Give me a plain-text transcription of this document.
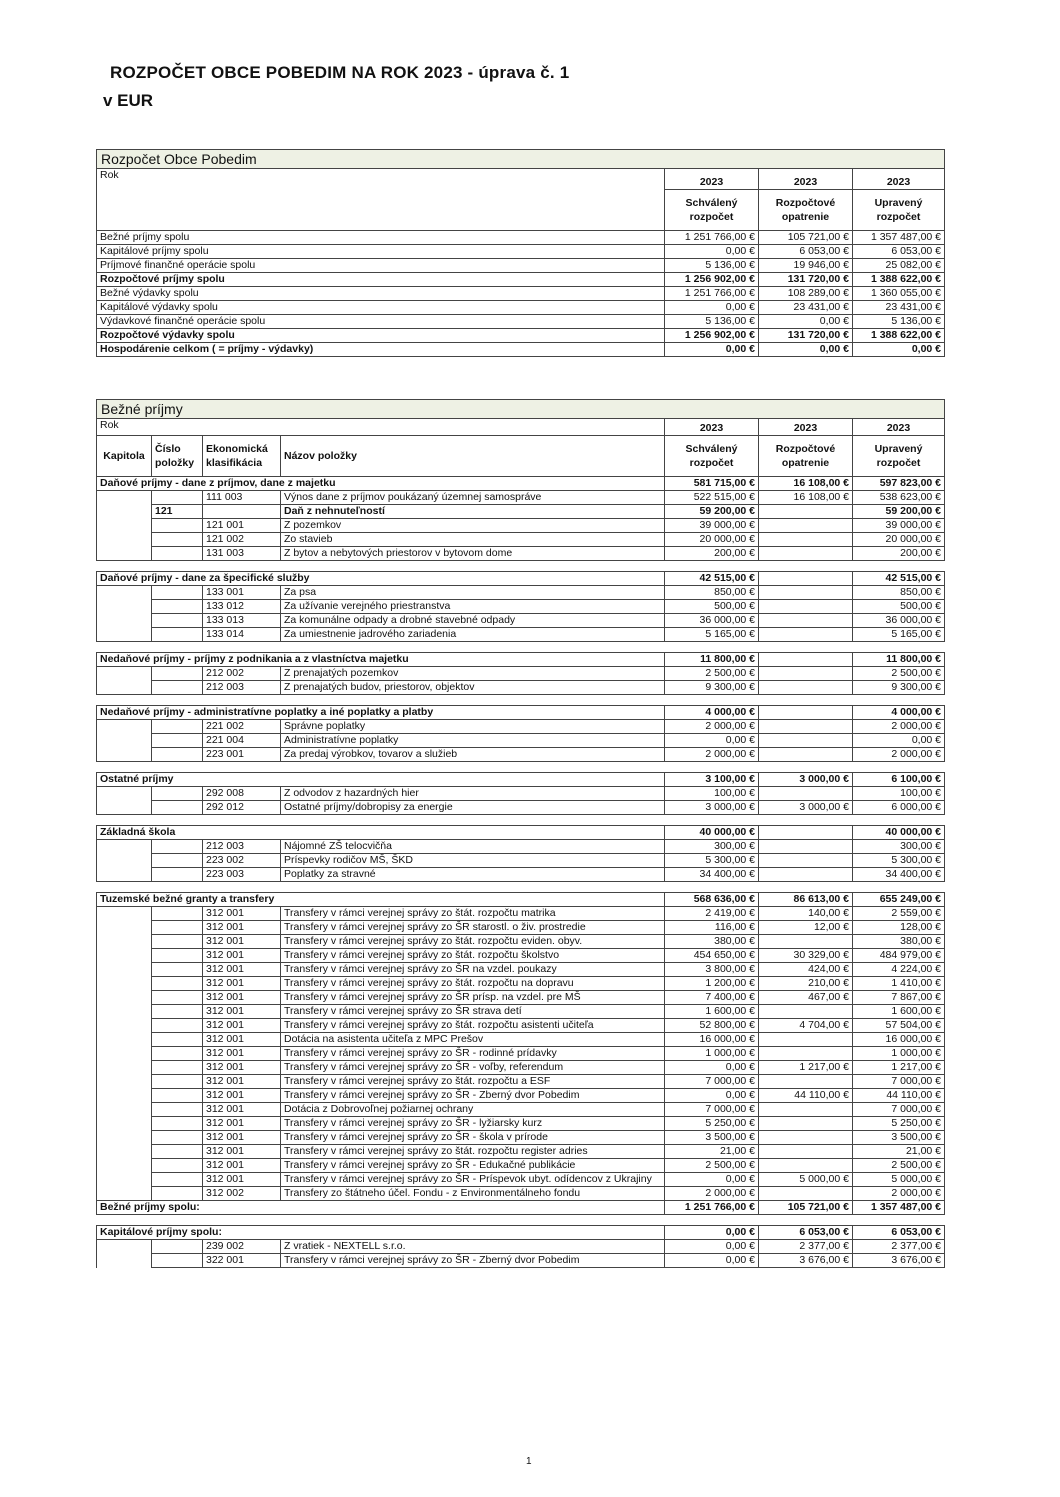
ROZPOČET OBCE POBEDIM NA ROK 2023 - úprava č. 1
v EUR
Rozpočet Obce Pobedim			
Rok	2023	2023	2023
	Schválený rozpočet	Rozpočtové opatrenie	Upravený rozpočet
Bežné príjmy spolu	1 251 766,00 €	105 721,00 €	1 357 487,00 €
Kapitálové príjmy spolu	0,00 €	6 053,00 €	6 053,00 €
Príjmové finančné operácie spolu	5 136,00 €	19 946,00 €	25 082,00 €
Rozpočtové príjmy spolu	1 256 902,00 €	131 720,00 €	1 388 622,00 €
Bežné výdavky spolu	1 251 766,00 €	108 289,00 €	1 360 055,00 €
Kapitálové výdavky spolu	0,00 €	23 431,00 €	23 431,00 €
Výdavkové finančné operácie spolu	5 136,00 €	0,00 €	5 136,00 €
Rozpočtové výdavky spolu	1 256 902,00 €	131 720,00 €	1 388 622,00 €
Hospodárenie celkom ( = príjmy - výdavky)	0,00 €	0,00 €	0,00 €
Bežné príjmy						
Rok				2023	2023	2023
Kapitola	Číslo položky	Ekonomická klasifikácia	Názov položky	Schválený rozpočet	Rozpočtové opatrenie	Upravený rozpočet
Daňové príjmy - dane z príjmov, dane z majetku				581 715,00 €	16 108,00 €	597 823,00 €
		111 003	Výnos dane z príjmov poukázaný územnej samospráve	522 515,00 €	16 108,00 €	538 623,00 €
	121		Daň z nehnuteľností	59 200,00 €		59 200,00 €
		121 001	Z pozemkov	39 000,00 €		39 000,00 €
		121 002	Zo stavieb	20 000,00 €		20 000,00 €
		131 003	Z bytov a nebytových priestorov v bytovom dome	200,00 €		200,00 €

Daňové príjmy - dane za špecifické služby				42 515,00 €		42 515,00 €
		133 001	Za psa	850,00 €		850,00 €
		133 012	Za užívanie verejného priestranstva	500,00 €		500,00 €
		133 013	Za komunálne odpady a drobné stavebné odpady	36 000,00 €		36 000,00 €
		133 014	Za umiestnenie jadrového zariadenia	5 165,00 €		5 165,00 €

Nedaňové príjmy - príjmy z podnikania a z vlastníctva majetku				11 800,00 €		11 800,00 €
		212 002	Z prenajatých pozemkov	2 500,00 €		2 500,00 €
		212 003	Z prenajatých budov, priestorov, objektov	9 300,00 €		9 300,00 €

Nedaňové príjmy - administratívne poplatky a iné poplatky a platby				4 000,00 €		4 000,00 €
		221 002	Správne poplatky	2 000,00 €		2 000,00 €
		221 004	Administratívne poplatky	0,00 €		0,00 €
		223 001	Za predaj výrobkov, tovarov a služieb	2 000,00 €		2 000,00 €

Ostatné príjmy				3 100,00 €	3 000,00 €	6 100,00 €
		292 008	Z odvodov z hazardných hier	100,00 €		100,00 €
		292 012	Ostatné príjmy/dobropisy za energie	3 000,00 €	3 000,00 €	6 000,00 €

Základná škola				40 000,00 €		40 000,00 €
		212 003	Nájomné ZŠ telocvičňa	300,00 €		300,00 €
		223 002	Príspevky rodičov MŠ, ŠKD	5 300,00 €		5 300,00 €
		223 003	Poplatky za stravné	34 400,00 €		34 400,00 €

Tuzemské bežné granty a transfery				568 636,00 €	86 613,00 €	655 249,00 €
		312 001	Transfery v rámci verejnej správy zo štát. rozpočtu matrika	2 419,00 €	140,00 €	2 559,00 €
		312 001	Transfery v rámci verejnej správy zo ŠR starostl. o živ. prostredie	116,00 €	12,00 €	128,00 €
		312 001	Transfery v rámci verejnej správy zo štát. rozpočtu eviden. obyv.	380,00 €		380,00 €
		312 001	Transfery v rámci verejnej správy zo štát. rozpočtu školstvo	454 650,00 €	30 329,00 €	484 979,00 €
		312 001	Transfery v rámci verejnej správy zo ŠR na vzdel. poukazy	3 800,00 €	424,00 €	4 224,00 €
		312 001	Transfery v rámci verejnej správy zo štát. rozpočtu na dopravu	1 200,00 €	210,00 €	1 410,00 €
		312 001	Transfery v rámci verejnej správy zo ŠR prísp. na vzdel. pre MŠ	7 400,00 €	467,00 €	7 867,00 €
		312 001	Transfery v rámci verejnej správy zo ŠR strava detí	1 600,00 €		1 600,00 €
		312 001	Transfery v rámci verejnej správy zo štát. rozpočtu asistenti učiteľa	52 800,00 €	4 704,00 €	57 504,00 €
		312 001	Dotácia na asistenta učiteľa z MPC Prešov	16 000,00 €		16 000,00 €
		312 001	Transfery v rámci verejnej správy zo ŠR - rodinné prídavky	1 000,00 €		1 000,00 €
		312 001	Transfery v rámci verejnej správy zo ŠR - voľby, referendum	0,00 €	1 217,00 €	1 217,00 €
		312 001	Transfery v rámci verejnej správy zo štát. rozpočtu a ESF	7 000,00 €		7 000,00 €
		312 001	Transfery v rámci verejnej správy zo ŠR - Zberný dvor Pobedim	0,00 €	44 110,00 €	44 110,00 €
		312 001	Dotácia z Dobrovoľnej požiarnej ochrany	7 000,00 €		7 000,00 €
		312 001	Transfery v rámci verejnej správy zo ŠR - lyžiarsky kurz	5 250,00 €		5 250,00 €
		312 001	Transfery v rámci verejnej správy zo ŠR - škola v prírode	3 500,00 €		3 500,00 €
		312 001	Transfery v rámci verejnej správy zo štát. rozpočtu register adries	21,00 €		21,00 €
		312 001	Transfery v rámci verejnej správy zo ŠR - Edukačné publikácie	2 500,00 €		2 500,00 €
		312 001	Transfery v rámci verejnej správy zo ŠR - Príspevok ubyt. odídencov z Ukrajiny	0,00 €	5 000,00 €	5 000,00 €
		312 002	Transfery zo štátneho účel. Fondu - z Environmentálneho fondu	2 000,00 €		2 000,00 €
Bežné príjmy spolu:				1 251 766,00 €	105 721,00 €	1 357 487,00 €

Kapitálové príjmy spolu:				0,00 €	6 053,00 €	6 053,00 €
		239 002	Z vratiek - NEXTELL s.r.o.	0,00 €	2 377,00 €	2 377,00 €
		322 001	Transfery v rámci verejnej správy zo ŠR - Zberný dvor Pobedim	0,00 €	3 676,00 €	3 676,00 €
1
